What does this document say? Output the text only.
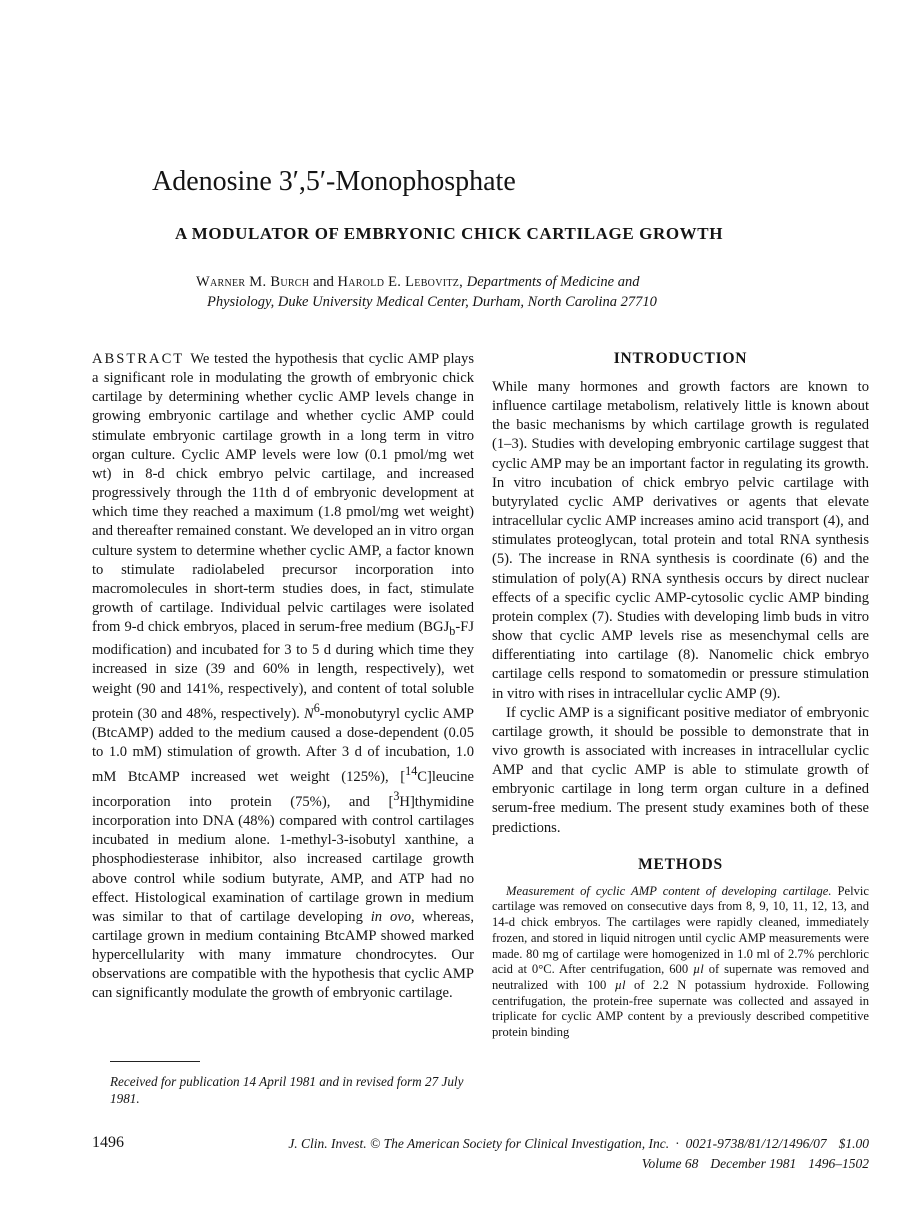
Adenosine 3′,5′-Monophosphate
A MODULATOR OF EMBRYONIC CHICK CARTILAGE GROWTH
Warner M. Burch and Harold E. Lebovitz, Departments of Medicine and
Physiology, Duke University Medical Center, Durham, North Carolina 27710
ABSTRACT We tested the hypothesis that cyclic AMP plays a significant role in modulating the growth of embryonic chick cartilage by determining whether cyclic AMP levels change in growing embryonic cartilage and whether cyclic AMP could stimulate embryonic cartilage growth in a long term in vitro organ culture. Cyclic AMP levels were low (0.1 pmol/mg wet wt) in 8-d chick embryo pelvic cartilage, and increased progressively through the 11th d of embryonic development at which time they reached a maximum (1.8 pmol/mg wet weight) and thereafter remained constant. We developed an in vitro organ culture system to determine whether cyclic AMP, a factor known to stimulate radiolabeled precursor incorporation into macromolecules in short-term studies does, in fact, stimulate growth of cartilage. Individual pelvic cartilages were isolated from 9-d chick embryos, placed in serum-free medium ($BGJ_b-FJ$ modification) and incubated for 3 to 5 d during which time they increased in size (39 and 60% in length, respectively), wet weight (90 and 141%, respectively), and content of total soluble protein (30 and 48%, respectively). $N^6$-monobutyryl cyclic AMP (BtcAMP) added to the medium caused a dose-dependent (0.05 to 1.0 mM) stimulation of growth. After 3 d of incubation, 1.0 mM BtcAMP increased wet weight (125%), [$^{14}$C]leucine incorporation into protein (75%), and [$^3$H]thymidine incorporation into DNA (48%) compared with control cartilages incubated in medium alone. 1-methyl-3-isobutyl xanthine, a phosphodiesterase inhibitor, also increased cartilage growth above control while sodium butyrate, AMP, and ATP had no effect. Histological examination of cartilage grown in medium was similar to that of cartilage developing in ovo, whereas, cartilage grown in medium containing BtcAMP showed marked hypercellularity with many immature chondrocytes. Our observations are compatible with the hypothesis that cyclic AMP can significantly modulate the growth of embryonic cartilage.
Received for publication 14 April 1981 and in revised form 27 July 1981.
INTRODUCTION

While many hormones and growth factors are known to influence cartilage metabolism, relatively little is known about the basic mechanisms by which cartilage growth is regulated (1–3). Studies with developing embryonic cartilage suggest that cyclic AMP may be an important factor in regulating its growth. In vitro incubation of chick embryo pelvic cartilage with butyrylated cyclic AMP derivatives or agents that elevate intracellular cyclic AMP increases amino acid transport (4), and stimulates proteoglycan, total protein and total RNA synthesis (5). The increase in RNA synthesis is coordinate (6) and the stimulation of poly(A) RNA synthesis occurs by direct nuclear effects of a specific cyclic AMP-cytosolic cyclic AMP binding protein complex (7). Studies with developing limb buds in vitro show that cyclic AMP levels rise as mesenchymal cells are differentiating into cartilage (8). Nanomelic chick embryo cartilage cells respond to somatomedin or pressure stimulation in vitro with rises in intracellular cyclic AMP (9).

If cyclic AMP is a significant positive mediator of embryonic cartilage growth, it should be possible to demonstrate that in vivo growth is associated with increases in intracellular cyclic AMP and that cyclic AMP is able to stimulate growth of embryonic cartilage in long term organ culture in a defined serum-free medium. The present study examines both of these predictions.

METHODS

Measurement of cyclic AMP content of developing cartilage. Pelvic cartilage was removed on consecutive days from 8, 9, 10, 11, 12, 13, and 14-d chick embryos. The cartilages were rapidly cleaned, immediately frozen, and stored in liquid nitrogen until cyclic AMP measurements were made. 80 mg of cartilage were homogenized in 1.0 ml of 2.7% perchloric acid at 0°C. After centrifugation, 600 µl of supernate was removed and neutralized with 100 µl of 2.2 N potassium hydroxide. Following centrifugation, the protein-free supernate was collected and assayed in triplicate for cyclic AMP content by a previously described competitive protein binding

1496	J. Clin. Invest. © The American Society for Clinical Investigation, Inc. · 0021-9738/81/12/1496/07 $1.00
Volume 68 December 1981 1496–1502
